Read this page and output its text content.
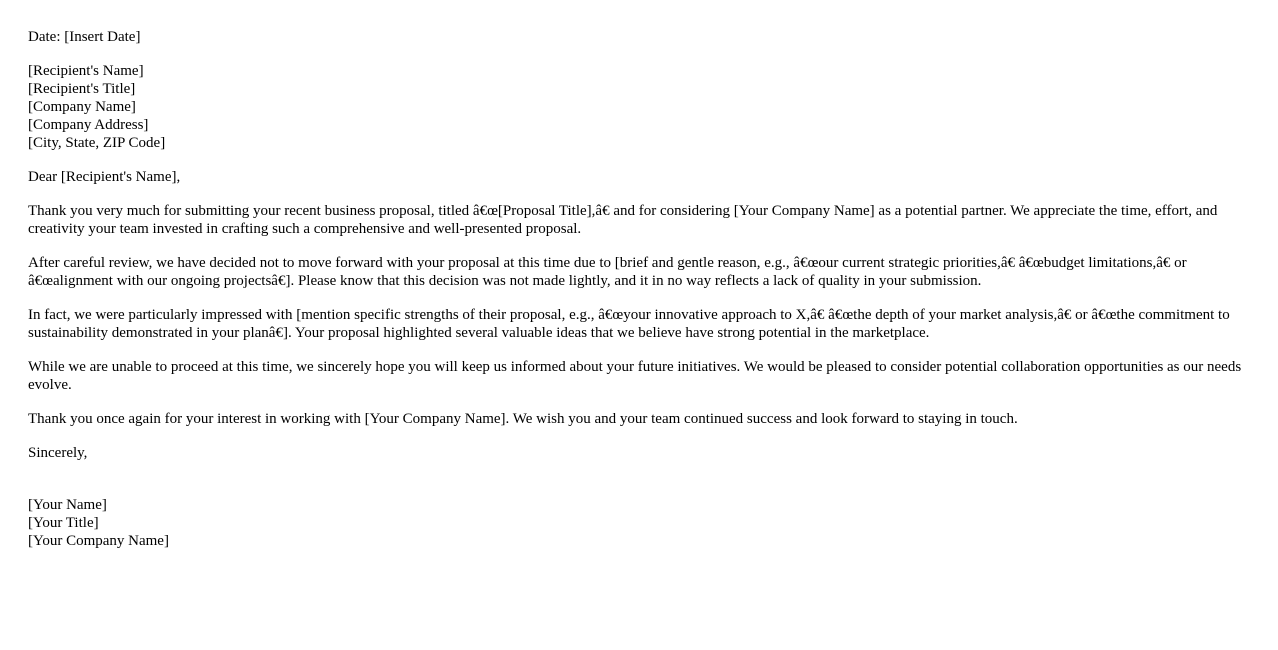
Date: [Insert Date]
[Recipient's Name]
[Recipient's Title]
[Company Name]
[Company Address]
[City, State, ZIP Code]

Dear [Recipient's Name],

Thank you very much for submitting your recent business proposal, titled â€œ[Proposal Title],â€ and for considering [Your Company Name] as a potential partner. We appreciate the time, effort, and creativity your team invested in crafting such a comprehensive and well-presented proposal.

After careful review, we have decided not to move forward with your proposal at this time due to [brief and gentle reason, e.g., â€œour current strategic priorities,â€ â€œbudget limitations,â€ or â€œalignment with our ongoing projectsâ€]. Please know that this decision was not made lightly, and it in no way reflects a lack of quality in your submission.

In fact, we were particularly impressed with [mention specific strengths of their proposal, e.g., â€œyour innovative approach to X,â€ â€œthe depth of your market analysis,â€ or â€œthe commitment to sustainability demonstrated in your planâ€]. Your proposal highlighted several valuable ideas that we believe have strong potential in the marketplace.

While we are unable to proceed at this time, we sincerely hope you will keep us informed about your future initiatives. We would be pleased to consider potential collaboration opportunities as our needs evolve.

Thank you once again for your interest in working with [Your Company Name]. We wish you and your team continued success and look forward to staying in touch.

Sincerely,

[Your Name]
[Your Title]
[Your Company Name]
